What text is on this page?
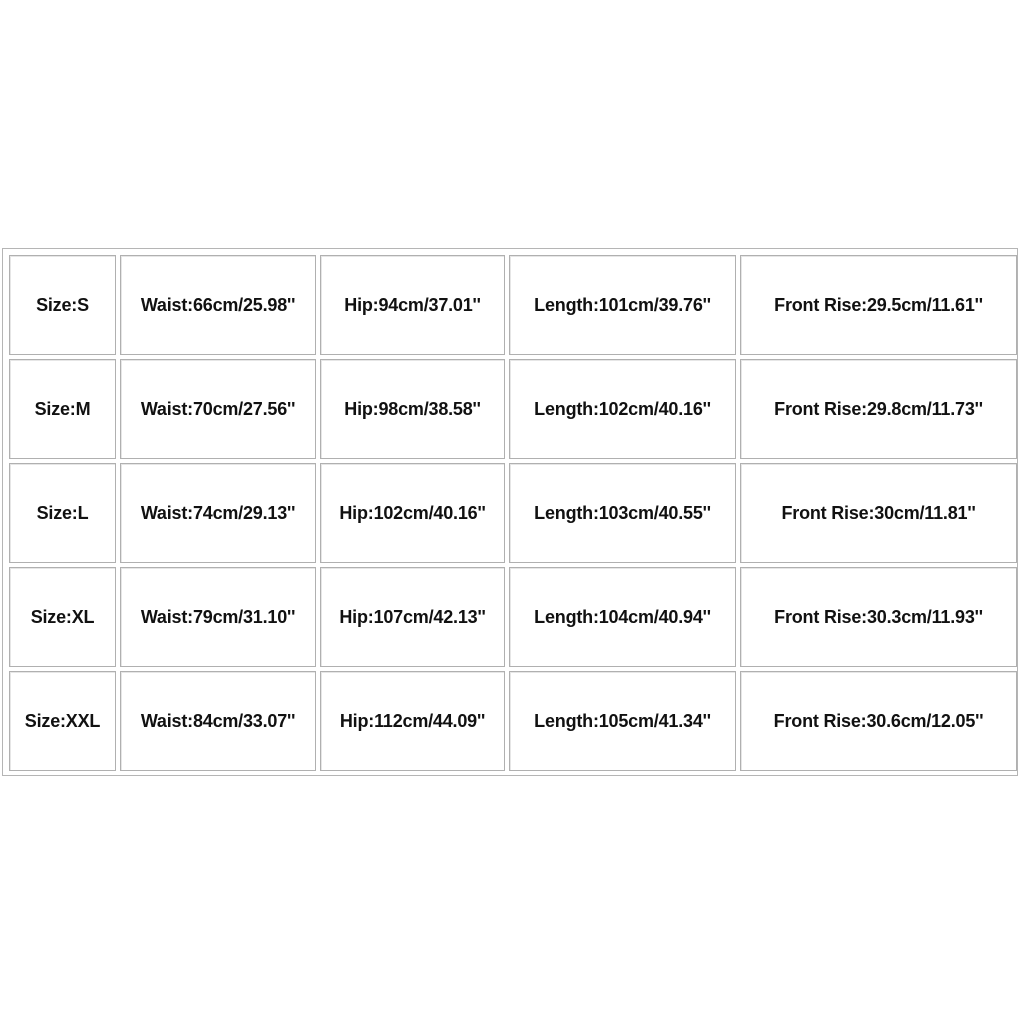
Size:S	Waist:66cm/25.98''	Hip:94cm/37.01''	Length:101cm/39.76''	Front Rise:29.5cm/11.61''
Size:M	Waist:70cm/27.56''	Hip:98cm/38.58''	Length:102cm/40.16''	Front Rise:29.8cm/11.73''
Size:L	Waist:74cm/29.13''	Hip:102cm/40.16''	Length:103cm/40.55''	Front Rise:30cm/11.81''
Size:XL	Waist:79cm/31.10''	Hip:107cm/42.13''	Length:104cm/40.94''	Front Rise:30.3cm/11.93''
Size:XXL	Waist:84cm/33.07''	Hip:112cm/44.09''	Length:105cm/41.34''	Front Rise:30.6cm/12.05''
